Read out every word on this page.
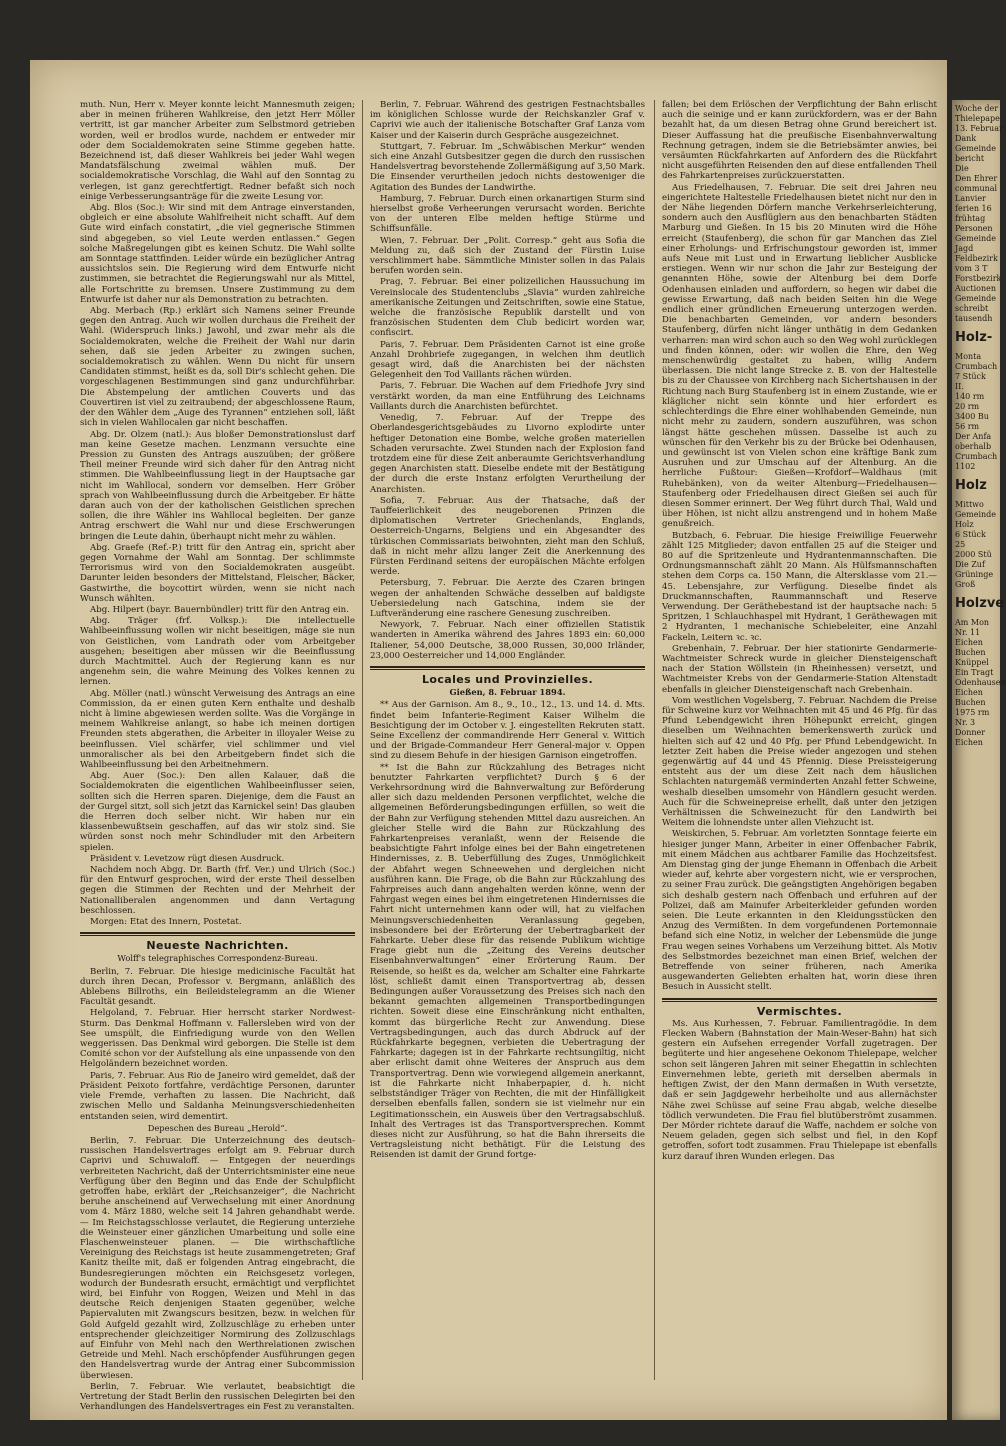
muth. Nun, Herr v. Meyer konnte leicht Mannesmuth zeigen; aber in meinen früheren Wahlkreise, den jetzt Herr Möller vertritt, ist gar mancher Arbeiter zum Selbstmord getrieben worden, weil er brodlos wurde, nachdem er entweder mir oder dem Socialdemokraten seine Stimme gegeben hatte. Bezeichnend ist, daß dieser Wahlkreis bei jeder Wahl wegen Mandatsfälschung zweimal wählen muß. Der socialdemokratische Vorschlag, die Wahl auf den Sonntag zu verlegen, ist ganz gerechtfertigt. Redner befaßt sich noch einige Verbesserungsanträge für die zweite Lesung vor.

Abg. Blos (Soc.): Wir sind mit dem Antrage einverstanden, obgleich er eine absolute Wahlfreiheit nicht schafft. Auf dem Gute wird einfach constatirt, „die viel gegnerische Stimmen sind abgegeben, so viel Leute werden entlassen.“ Gegen solche Maßregelungen gibt es keinen Schutz. Die Wahl sollte am Sonntage stattfinden. Leider würde ein bezüglicher Antrag aussichtslos sein. Die Regierung wird dem Entwurfe nicht zustimmen, sie betrachtet die Regierungswahl nur als Mittel, alle Fortschritte zu bremsen. Unsere Zustimmung zu dem Entwurfe ist daher nur als Demonstration zu betrachten.

Abg. Merbach (Rp.) erklärt sich Namens seiner Freunde gegen den Antrag. Auch wir wollen durchaus die Freiheit der Wahl. (Widerspruch links.) Jawohl, und zwar mehr als die Socialdemokraten, welche die Freiheit der Wahl nur darin sehen, daß sie jeden Arbeiter zu zwingen suchen, socialdemokratisch zu wählen. Wenn Du nicht für unsern Candidaten stimmst, heißt es da, soll Dir's schlecht gehen. Die vorgeschlagenen Bestimmungen sind ganz undurchführbar. Die Abstempelung der amtlichen Couverts und das Couvertiren ist viel zu zeitraubend; der abgeschlossene Raum, der den Wähler dem „Auge des Tyrannen“ entziehen soll, läßt sich in vielen Wahllocalen gar nicht beschaffen.

Abg. Dr. Olzem (natl.): Aus bloßer Demonstrationslust darf man keine Gesetze machen. Lenzmann versuchte eine Pression zu Gunsten des Antrags auszuüben; der größere Theil meiner Freunde wird sich daher für den Antrag nicht stimmen. Die Wahlbeeinflussung liegt in der Hauptsache gar nicht im Wahllocal, sondern vor demselben. Herr Gröber sprach von Wahlbeeinflussung durch die Arbeitgeber. Er hätte daran auch von der der katholischen Geistlichen sprechen sollen, die ihre Wähler ins Wahllocal begleiten. Der ganze Antrag erschwert die Wahl nur und diese Erschwerungen bringen die Leute dahin, überhaupt nicht mehr zu wählen.

Abg. Graefe (Ref.-P.) tritt für den Antrag ein, spricht aber gegen Vornahme der Wahl am Sonntag. Der schlimmste Terrorismus wird von den Socialdemokraten ausgeübt. Darunter leiden besonders der Mittelstand, Fleischer, Bäcker, Gastwirthe, die boycottirt würden, wenn sie nicht nach Wunsch wählten.

Abg. Hilpert (bayr. Bauernbündler) tritt für den Antrag ein.

Abg. Träger (frf. Volksp.): Die intellectuelle Wahlbeeinflussung wollen wir nicht beseitigen, mäge sie nun von Geistlichen, vom Landrath oder vom Arbeitgeber ausgehen; beseitigen aber müssen wir die Beeinflussung durch Machtmittel. Auch der Regierung kann es nur angenehm sein, die wahre Meinung des Volkes kennen zu lernen.

Abg. Möller (natl.) wünscht Verweisung des Antrags an eine Commission, da er einen guten Kern enthalte und deshalb nicht à limine abgewiesen werden sollte. Was die Vorgänge in meinem Wahlkreise anlangt, so habe ich meinen dortigen Freunden stets abgerathen, die Arbeiter in illoyaler Weise zu beeinflussen. Viel schärfer, viel schlimmer und viel unmoralischer als bei den Arbeitgebern findet sich die Wahlbeeinflussung bei den Arbeitnehmern.

Abg. Auer (Soc.): Den allen Kalauer, daß die Socialdemokraten die eigentlichen Wahlbeeinflusser seien, sollten sich die Herren sparen. Diejenige, dem die Faust an der Gurgel sitzt, soll sich jetzt das Karnickel sein! Das glauben die Herren doch selber nicht. Wir haben nur ein klassenbewußtsein geschaffen, auf das wir stolz sind. Sie würden sonst noch mehr Schindluder mit den Arbeitern spielen.

Präsident v. Levetzow rügt diesen Ausdruck.

Nachdem noch Abgg. Dr. Barth (frf. Ver.) und Ulrich (Soc.) für den Entwurf gesprochen, wird der erste Theil desselben gegen die Stimmen der Rechten und der Mehrheit der Nationalliberalen angenommen und dann Vertagung beschlossen.

Morgen: Etat des Innern, Postetat.

Neueste Nachrichten.
Wolff's telegraphisches Correspondenz-Bureau.

Berlin, 7. Februar. Die hiesige medicinische Facultät hat durch ihren Decan, Professor v. Bergmann, anläßlich des Ablebens Billroths, ein Beileidstelegramm an die Wiener Facultät gesandt.

Helgoland, 7. Februar. Hier herrscht starker Nordwest-Sturm. Das Denkmal Hoffmann v. Fallersleben wird von der See umspült, die Einfriedigung wurde von den Wellen weggerissen. Das Denkmal wird geborgen. Die Stelle ist dem Comité schon vor der Aufstellung als eine unpassende von den Helgoländern bezeichnet worden.

Paris, 7. Februar. Aus Rio de Janeiro wird gemeldet, daß der Präsident Peixoto fortfahre, verdächtige Personen, darunter viele Fremde, verhaften zu lassen. Die Nachricht, daß zwischen Mello und Saldanha Meinungsverschiedenheiten entstanden seien, wird dementirt.

Depeschen des Bureau „Herold“.

Berlin, 7. Februar. Die Unterzeichnung des deutsch-russischen Handelsvertrages erfolgt am 9. Februar durch Caprivi und Schuwaloff. — Entgegen der neuerdings verbreiteten Nachricht, daß der Unterrichtsminister eine neue Verfügung über den Beginn und das Ende der Schulpflicht getroffen habe, erklärt der „Reichsanzeiger“, die Nachricht beruhe anscheinend auf Verwechselung mit einer Anordnung vom 4. März 1880, welche seit 14 Jahren gehandhabt werde. — Im Reichstagsschlosse verlautet, die Regierung unterziehe die Weinsteuer einer gänzlichen Umarbeitung und solle eine Flaschenweinsteuer planen. — Die wirthschaftliche Vereinigung des Reichstags ist heute zusammengetreten; Graf Kanitz theilte mit, daß er folgenden Antrag eingebracht, die Bundesregierungen möchten ein Reichsgesetz vorlegen, wodurch der Bundesrath ersucht, ermächtigt und verpflichtet wird, bei Einfuhr von Roggen, Weizen und Mehl in das deutsche Reich denjenigen Staaten gegenüber, welche Papiervaluten mit Zwangscurs besitzen, bezw. in welchen für Gold Aufgeld gezahlt wird, Zollzuschläge zu erheben unter entsprechender gleichzeitiger Normirung des Zollzuschlags auf Einfuhr von Mehl nach den Werthrelationen zwischen Getreide und Mehl. Nach erschöpfender Ausführungen gegen den Handelsvertrag wurde der Antrag einer Subcommission überwiesen.

Berlin, 7. Februar. Wie verlautet, beabsichtigt die Vertretung der Stadt Berlin den russischen Delegirten bei den Verhandlungen des Handelsvertrages ein Fest zu veranstalten.

Berlin, 7. Februar. Während des gestrigen Festnachtsballes im königlichen Schlosse wurde der Reichskanzler Graf v. Caprivi wie auch der italienische Botschafter Graf Lanza vom Kaiser und der Kaiserin durch Gespräche ausgezeichnet.

Stuttgart, 7. Februar. Im „Schwäbischen Merkur“ wenden sich eine Anzahl Gutsbesitzer gegen die durch den russischen Handelsvertrag bevorstehende Zollermäßigung auf 3,50 Mark. Die Einsender verurtheilen jedoch nichts destoweniger die Agitation des Bundes der Landwirthe.

Hamburg, 7. Februar. Durch einen orkanartigen Sturm sind hierselbst große Verheerungen verursacht worden. Berichte von der unteren Elbe melden heftige Stürme und Schiffsunfälle.

Wien, 7. Februar. Der „Polit. Corresp.“ geht aus Sofia die Meldung zu, daß sich der Zustand der Fürstin Luise verschlimmert habe. Sämmtliche Minister sollen in das Palais berufen worden sein.

Prag, 7. Februar. Bei einer polizeilichen Haussuchung im Vereinslocale des Studentenclubs „Slavia“ wurden zahlreiche amerikanische Zeitungen und Zeitschriften, sowie eine Statue, welche die französische Republik darstellt und von französischen Studenten dem Club bedicirt worden war, confiscirt.

Paris, 7. Februar. Dem Präsidenten Carnot ist eine große Anzahl Drohbriefe zugegangen, in welchen ihm deutlich gesagt wird, daß die Anarchisten bei der nächsten Gelegenheit den Tod Vaillants rächen würden.

Paris, 7. Februar. Die Wachen auf dem Friedhofe Jvry sind verstärkt worden, da man eine Entführung des Leichnams Vaillants durch die Anarchisten befürchtet.

Venedig, 7. Februar. Auf der Treppe des Oberlandesgerichtsgebäudes zu Livorno explodirte unter heftiger Detonation eine Bombe, welche großen materiellen Schaden verursachte. Zwei Stunden nach der Explosion fand trotzdem eine für diese Zeit anberaumte Gerichtsverhandlung gegen Anarchisten statt. Dieselbe endete mit der Bestätigung der durch die erste Instanz erfolgten Verurtheilung der Anarchisten.

Sofia, 7. Februar. Aus der Thatsache, daß der Tauffeierlichkeit des neugeborenen Prinzen die diplomatischen Vertreter Griechenlands, Englands, Oesterreich-Ungarns, Belgiens und ein Abgesandter des türkischen Commissariats beiwohnten, zieht man den Schluß, daß in nicht mehr allzu langer Zeit die Anerkennung des Fürsten Ferdinand seitens der europäischen Mächte erfolgen werde.

Petersburg, 7. Februar. Die Aerzte des Czaren bringen wegen der anhaltenden Schwäche desselben auf baldigste Uebersiedelung nach Gatschina, indem sie der Luftveränderung eine raschere Genesung zuschreiben.

Newyork, 7. Februar. Nach einer offiziellen Statistik wanderten in Amerika während des Jahres 1893 ein: 60,000 Italiener, 54,000 Deutsche, 38,000 Russen, 30,000 Irländer, 23,000 Oesterreicher und 14,000 Engländer.

Locales und Provinzielles.
Gießen, 8. Februar 1894.

** Aus der Garnison. Am 8., 9., 10., 12., 13. und 14. d. Mts. findet beim Infanterie-Regiment Kaiser Wilhelm die Besichtigung der im October v. J. eingestellten Rekruten statt. Seine Excellenz der commandirende Herr General v. Wittich und der Brigade-Commandeur Herr General-major v. Oppen sind zu diesem Behufe in der hiesigen Garnison eingetroffen.

** Ist die Bahn zur Rückzahlung des Betrages nicht benutzter Fahrkarten verpflichtet? Durch § 6 der Verkehrsordnung wird die Bahnverwaltung zur Beförderung aller sich dazu meldenden Personen verpflichtet, welche die allgemeinen Beförderungsbedingungen erfüllen, so weit die der Bahn zur Verfügung stehenden Mittel dazu ausreichen. An gleicher Stelle wird die Bahn zur Rückzahlung des Fahrkartenpreises veranlaßt, wenn der Reisende die beabsichtigte Fahrt infolge eines bei der Bahn eingetretenen Hindernisses, z. B. Ueberfüllung des Zuges, Unmöglichkeit der Abfahrt wegen Schneewehen und dergleichen nicht ausführen kann. Die Frage, ob die Bahn zur Rückzahlung des Fahrpreises auch dann angehalten werden könne, wenn der Fahrgast wegen eines bei ihm eingetretenen Hindernisses die Fahrt nicht unternehmen kann oder will, hat zu vielfachen Meinungsverschiedenheiten Veranlassung gegeben, insbesondere bei der Erörterung der Uebertragbarkeit der Fahrkarte. Ueber diese für das reisende Publikum wichtige Frage giebt nun die „Zeitung des Vereins deutscher Eisenbahnverwaltungen“ einer Erörterung Raum. Der Reisende, so heißt es da, welcher am Schalter eine Fahrkarte löst, schließt damit einen Transportvertrag ab, dessen Bedingungen außer Voraussetzung des Preises sich nach den bekannt gemachten allgemeinen Transportbedingungen richten. Soweit diese eine Einschränkung nicht enthalten, kommt das bürgerliche Recht zur Anwendung. Diese Vertragsbedingungen, auch das durch Abdruck auf der Rückfahrkarte begegnen, verbieten die Uebertragung der Fahrkarte; dagegen ist in der Fahrkarte rechtsungiltig, nicht aber erlischt damit ohne Weiteres der Anspruch aus dem Transportvertrag. Denn wie vorwiegend allgemein anerkannt, ist die Fahrkarte nicht Inhaberpapier, d. h. nicht selbstständiger Träger von Rechten, die mit der Hinfälligkeit derselben ebenfalls fallen, sondern sie ist vielmehr nur ein Legitimationsschein, ein Ausweis über den Vertragsabschluß. Inhalt des Vertrages ist das Transportversprechen. Kommt dieses nicht zur Ausführung, so hat die Bahn ihrerseits die Vertragsleistung nicht bethätigt. Für die Leistung des Reisenden ist damit der Grund fortge-

fallen; bei dem Erlöschen der Verpflichtung der Bahn erlischt auch die seinige und er kann zurückfordern, was er der Bahn bezahlt hat, da um diesen Betrag ohne Grund bereichert ist. Dieser Auffassung hat die preußische Eisenbahnverwaltung Rechnung getragen, indem sie die Betriebsämter anwies, bei versäumten Rückfahrkarten auf Anfordern des die Rückfahrt nicht ausgeführten Reisenden den auf diese entfallenden Theil des Fahrkartenpreises zurückzuerstatten.

Aus Friedelhausen, 7. Februar. Die seit drei Jahren neu eingerichtete Haltestelle Friedelhausen bietet nicht nur den in der Nähe liegenden Dörfern manche Verkehrserleichterung, sondern auch den Ausflüglern aus den benachbarten Städten Marburg und Gießen. In 15 bis 20 Minuten wird die Höhe erreicht (Staufenberg), die schon für gar Manchen das Ziel einer Erholungs- und Erfrischungstour geworden ist, immer aufs Neue mit Lust und in Erwartung lieblicher Ausblicke erstiegen. Wenn wir nur schon die Jahr zur Besteigung der genannten Höhe, sowie der Altenburg bei dem Dorfe Odenhausen einladen und auffordern, so hegen wir dabei die gewisse Erwartung, daß nach beiden Seiten hin die Wege endlich einer gründlichen Erneuerung unterzogen werden. Die benachbarten Gemeinden, vor andern besonders Staufenberg, dürfen nicht länger unthätig in dem Gedanken verharren: man wird schon auch so den Weg wohl zurücklegen und finden können, oder: wir wollen die Ehre, den Weg menschenwürdig gestaltet zu haben, willig Andern überlassen. Die nicht lange Strecke z. B. von der Haltestelle bis zu der Chaussee von Kirchberg nach Sichertshausen in der Richtung nach Burg Staufenberg ist in einem Zustande, wie er kläglicher nicht sein könnte und hier erfordert es schlechterdings die Ehre einer wohlhabenden Gemeinde, nun nicht mehr zu zaudern, sondern auszuführen, was schon längst hätte geschehen müssen. Dasselbe ist auch zu wünschen für den Verkehr bis zu der Brücke bei Odenhausen, und gewünscht ist von Vielen schon eine kräftige Bank zum Ausruhen und zur Umschau auf der Altenburg. An die herrliche Fußtour: Gießen—Krofdorf—Waldhaus (mit Ruhebänken), von da weiter Altenburg—Friedelhausen—Staufenberg oder Friedelhausen direct Gießen sei auch für diesen Sommer erinnert. Der Weg führt durch Thal, Wald und über Höhen, ist nicht allzu anstrengend und in hohem Maße genußreich.

Butzbach, 6. Februar. Die hiesige Freiwillige Feuerwehr zählt 125 Mitglieder; davon entfallen 25 auf die Steiger und 80 auf die Spritzenleute und Hydrantenmannschaften. Die Ordnungsmannschaft zählt 20 Mann. Als Hülfsmannschaften stehen dem Corps ca. 150 Mann, die Altersklasse vom 21.—45. Lebensjahre, zur Verfügung. Dieselbe findet als Druckmannschaften, Raummannschaft und Reserve Verwendung. Der Geräthebestand ist der hauptsache nach: 5 Spritzen, 1 Schlauchhaspel mit Hydrant, 1 Geräthewagen mit 2 Hydranten, 1 mechanische Schiebeleiter, eine Anzahl Fackeln, Leitern ꝛc. ꝛc.

Grebenhain, 7. Februar. Der hier stationirte Gendarmerie-Wachtmeister Schreck wurde in gleicher Diensteigenschaft nach der Station Wöllstein (in Rheinhessen) versetzt, und Wachtmeister Krebs von der Gendarmerie-Station Altenstadt ebenfalls in gleicher Diensteigenschaft nach Grebenhain.

Vom westlichen Vogelsberg, 7. Februar. Nachdem die Preise für Schweine kurz vor Weihnachten mit 45 und 46 Pfg. für das Pfund Lebendgewicht ihren Höhepunkt erreicht, gingen dieselben um Weihnachten bemerkenswerth zurück und hielten sich auf 42 und 40 Pfg. per Pfund Lebendgewicht. In letzter Zeit haben die Preise wieder angezogen und stehen gegenwärtig auf 44 und 45 Pfennig. Diese Preissteigerung entsteht aus der um diese Zeit nach dem häuslichen Schlachten naturgemäß verminderten Anzahl fetter Schweine, weshalb dieselben umsomehr von Händlern gesucht werden. Auch für die Schweinepreise erhellt, daß unter den jetzigen Verhältnissen die Schweinezucht für den Landwirth bei Weitem die lohnendste unter allen Viehzucht ist.

Weiskirchen, 5. Februar. Am vorletzten Sonntage feierte ein hiesiger junger Mann, Arbeiter in einer Offenbacher Fabrik, mit einem Mädchen aus achtbarer Familie das Hochzeitsfest. Am Dienstag ging der junge Ehemann in Offenbach die Arbeit wieder auf, kehrte aber vorgestern nicht, wie er versprochen, zu seiner Frau zurück. Die geängstigten Angehörigen begaben sich deshalb gestern nach Offenbach und erfuhren auf der Polizei, daß am Mainufer Arbeiterkleider gefunden worden seien. Die Leute erkannten in den Kleidungsstücken den Anzug des Vermißten. In dem vorgefundenen Portemonnaie befand sich eine Notiz, in welcher der Lebensmüde die junge Frau wegen seines Vorhabens um Verzeihung bittet. Als Motiv des Selbstmordes bezeichnet man einen Brief, welchen der Betreffende von seiner früheren, nach Amerika ausgewanderten Geliebten erhalten hat, worin diese ihren Besuch in Aussicht stellt.

Vermischtes.

Ms. Aus Kurhessen, 7. Februar. Familientragödie. In dem Flecken Wabern (Bahnstation der Main-Weser-Bahn) hat sich gestern ein Aufsehen erregender Vorfall zugetragen. Der begüterte und hier angesehene Oekonom Thielepape, welcher schon seit längeren Jahren mit seiner Ehegattin in schlechten Einvernehmen lebte, gerieth mit derselben abermals in heftigen Zwist, der den Mann dermaßen in Wuth versetzte, daß er sein Jagdgewehr herbeiholte und aus allernächster Nähe zwei Schüsse auf seine Frau abgab, welche dieselbe tödlich verwundeten. Die Frau fiel blutüberströmt zusammen. Der Mörder richtete darauf die Waffe, nachdem er solche von Neuem geladen, gegen sich selbst und fiel, in den Kopf getroffen, sofort todt zusammen. Frau Thielepape ist ebenfalls kurz darauf ihren Wunden erlegen. Das

Woche der
Thielepape
13. Februar
Dank
Gemeinde
bericht
Die
Den Ehrer
communal
Lanvier
ferien 16
frühtag
Personen
Gemeinde
Jagd
Feldbezirk
vom 3 T
Forstbezirk
Auctionen
Gemeinde
schreibt
tausendh
Holz-
Monta
Crumbach
7 Stück
II.
140 rm
20 rm
3400 Bu
56 rm
Der Anfa
oberhalb
Crumbach
1102
Holz
Mittwo
Gemeinde
Holz
6 Stück
25
2000 Stü
Die Zuf
Grüninge
Groß
Holzve
Am Mon
Nr. 11
Eichen
Buchen
Knüppel
Ein Tragt
Odenhausen
Eichen
Buchen
1975 rm
Nr. 3
Donner
Eichen
